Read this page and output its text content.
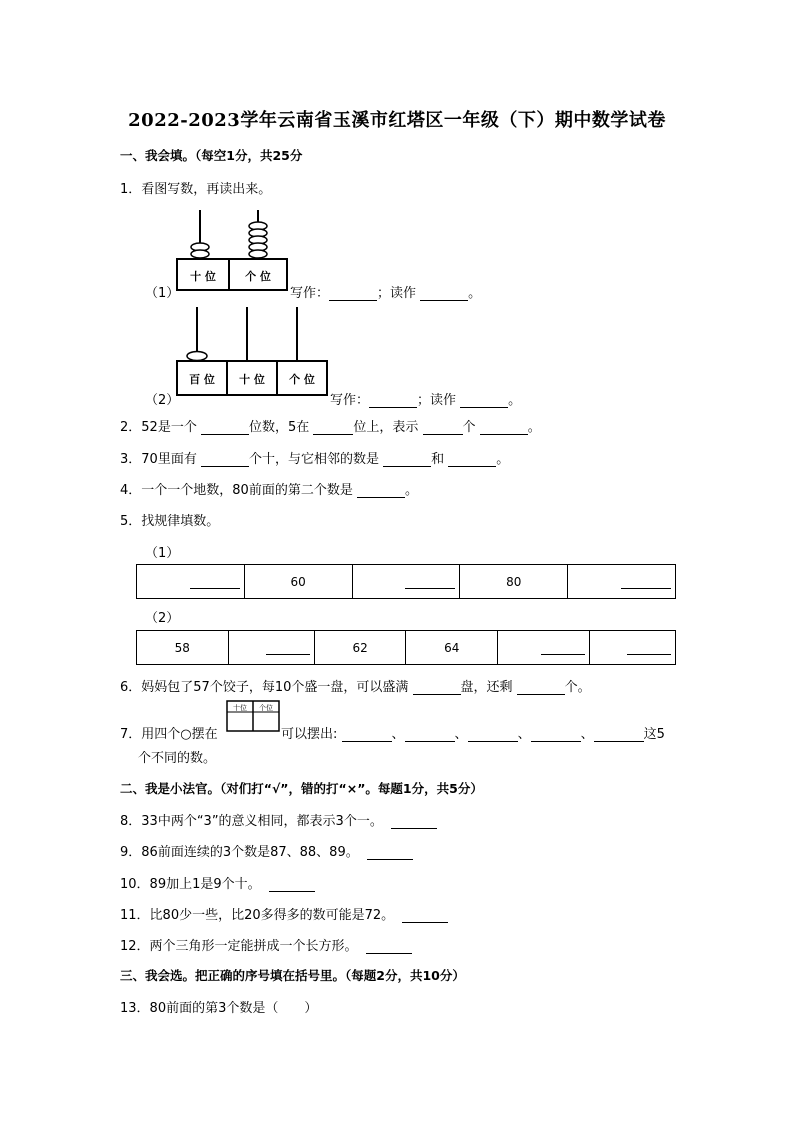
2022-2023学年云南省玉溪市红塔区一年级（下）期中数学试卷
一、我会填。（每空1分，共25分
1．看图写数，再读出来。
十 位	个 位
（1）	写作：	；读作	。
百 位 十 位 个 位
（2）	写作：	；读作	。
2．52是一个	位数，5在	位上，表示	个	。
3．70里面有	个十，与它相邻的数是	和	。
4．一个一个地数，80前面的第二个数是	。
5．找规律填数。
（1）
	60		80	
（2）
58		62	64		
6．妈妈包了57个饺子，每10个盛一盘，可以盛满	盘，还剩	个。
7．用四个○摆在
十位 个位
可以摆出:	、	、	、	、	这5
个不同的数。
二、我是小法官。（对们打“√”，错的打“×”。每题1分，共5分）
8．33中两个“3”的意义相同，都表示3个一。
9．86前面连续的3个数是87、88、89。
10．89加上1是9个十。
11．比80少一些，比20多得多的数可能是72。
12．两个三角形一定能拼成一个长方形。
三、我会选。把正确的序号填在括号里。（每题2分，共10分）
13．80前面的第3个数是（　　）
